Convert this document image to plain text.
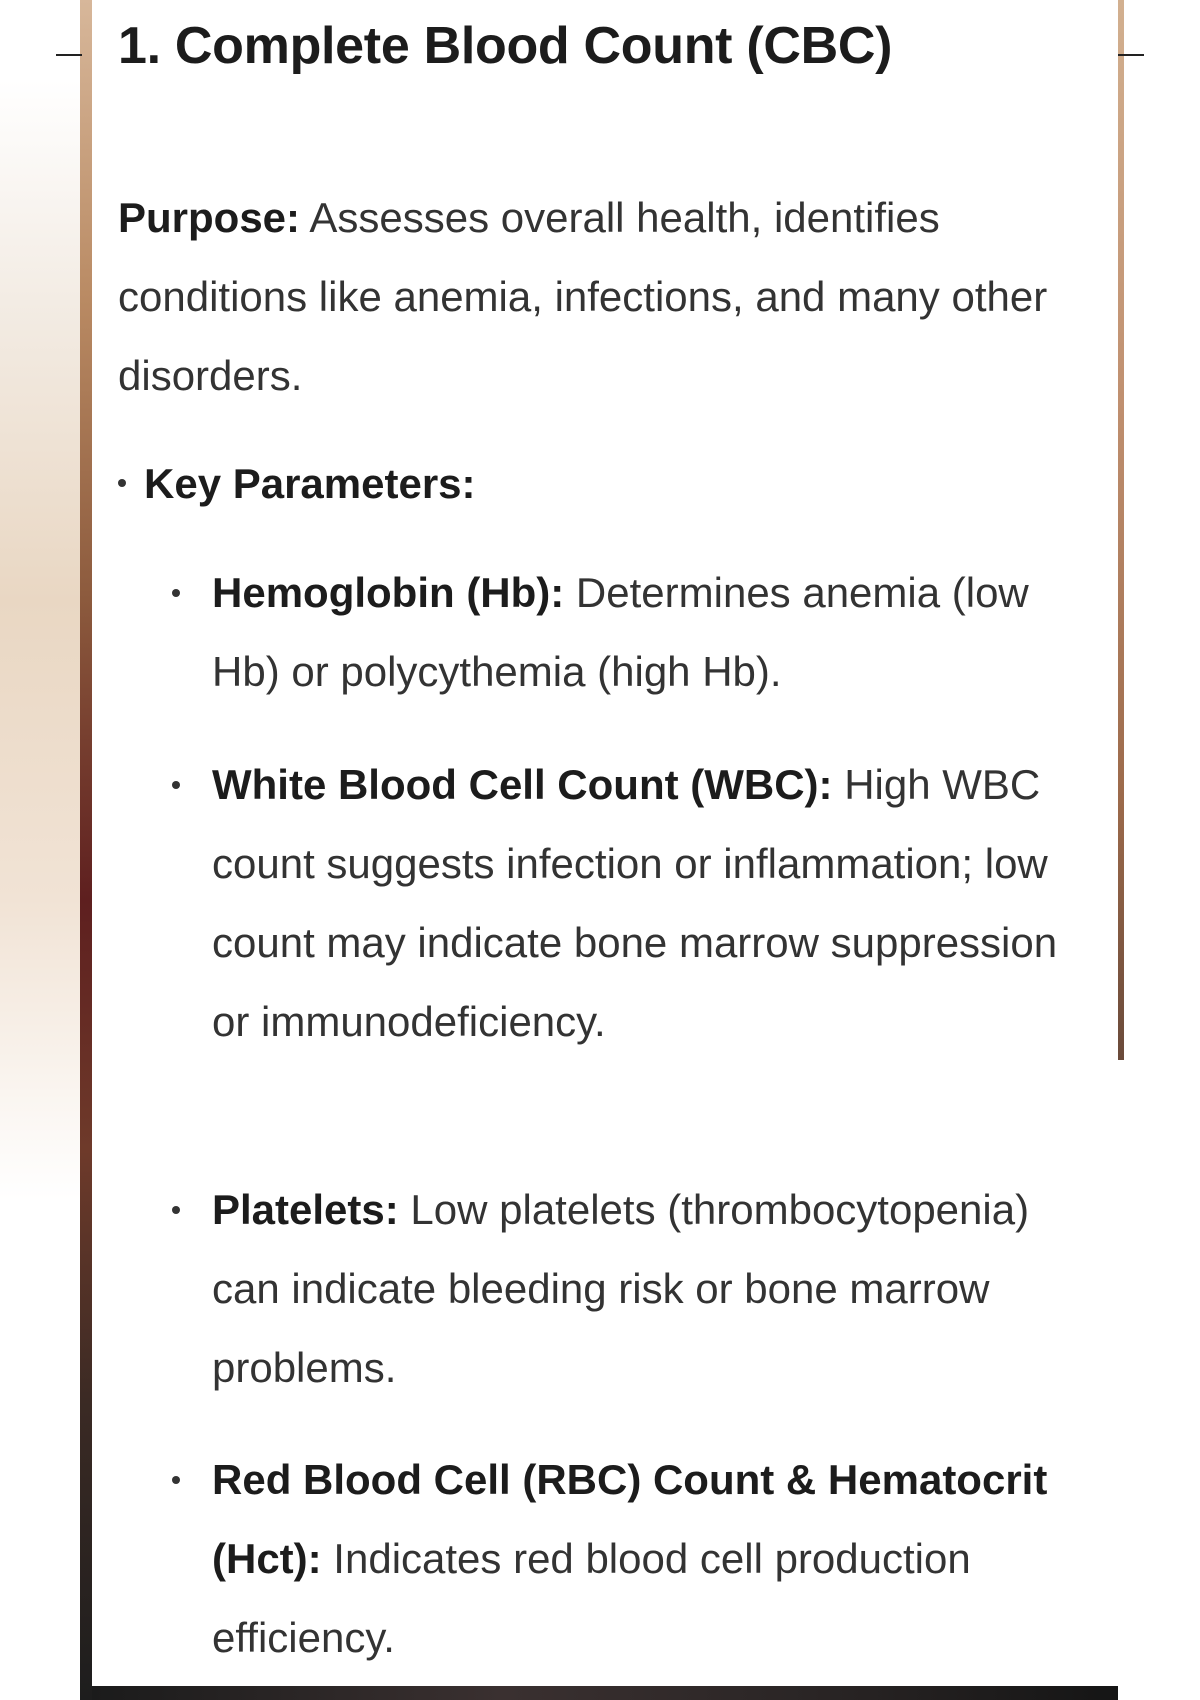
1. Complete Blood Count (CBC)

Purpose: Assesses overall health, identifies conditions like anemia, infections, and many other disorders.

Key Parameters:

Hemoglobin (Hb): Determines anemia (low Hb) or polycythemia (high Hb).

White Blood Cell Count (WBC): High WBC count suggests infection or inflammation; low count may indicate bone marrow suppression or immunodeficiency.

Platelets: Low platelets (thrombocytopenia) can indicate bleeding risk or bone marrow problems.

Red Blood Cell (RBC) Count & Hematocrit (Hct): Indicates red blood cell production efficiency.
